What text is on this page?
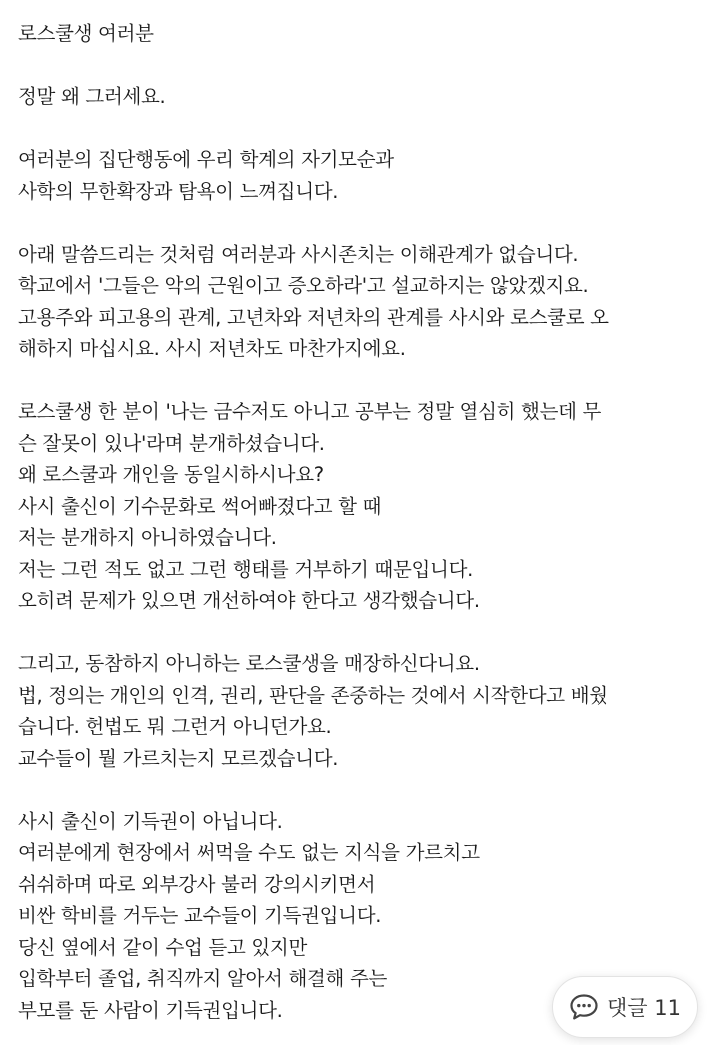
로스쿨생 여러분
정말 왜 그러세요.
여러분의 집단행동에 우리 학계의 자기모순과
사학의 무한확장과 탐욕이 느껴집니다.
아래 말씀드리는 것처럼 여러분과 사시존치는 이해관계가 없습니다.
학교에서 '그들은 악의 근원이고 증오하라'고 설교하지는 않았겠지요.
고용주와 피고용의 관계, 고년차와 저년차의 관계를 사시와 로스쿨로 오
해하지 마십시요. 사시 저년차도 마찬가지에요.
로스쿨생 한 분이 '나는 금수저도 아니고 공부는 정말 열심히 했는데 무
슨 잘못이 있나'라며 분개하셨습니다.
왜 로스쿨과 개인을 동일시하시나요?
사시 출신이 기수문화로 썩어빠졌다고 할 때
저는 분개하지 아니하였습니다.
저는 그런 적도 없고 그런 행태를 거부하기 때문입니다.
오히려 문제가 있으면 개선하여야 한다고 생각했습니다.
그리고, 동참하지 아니하는 로스쿨생을 매장하신다니요.
법, 정의는 개인의 인격, 권리, 판단을 존중하는 것에서 시작한다고 배웠
습니다. 헌법도 뭐 그런거 아니던가요.
교수들이 뭘 가르치는지 모르겠습니다.
사시 출신이 기득권이 아닙니다.
여러분에게 현장에서 써먹을 수도 없는 지식을 가르치고
쉬쉬하며 따로 외부강사 불러 강의시키면서
비싼 학비를 거두는 교수들이 기득권입니다.
당신 옆에서 같이 수업 듣고 있지만
입학부터 졸업, 취직까지 알아서 해결해 주는
부모를 둔 사람이 기득권입니다.	댓글 11
